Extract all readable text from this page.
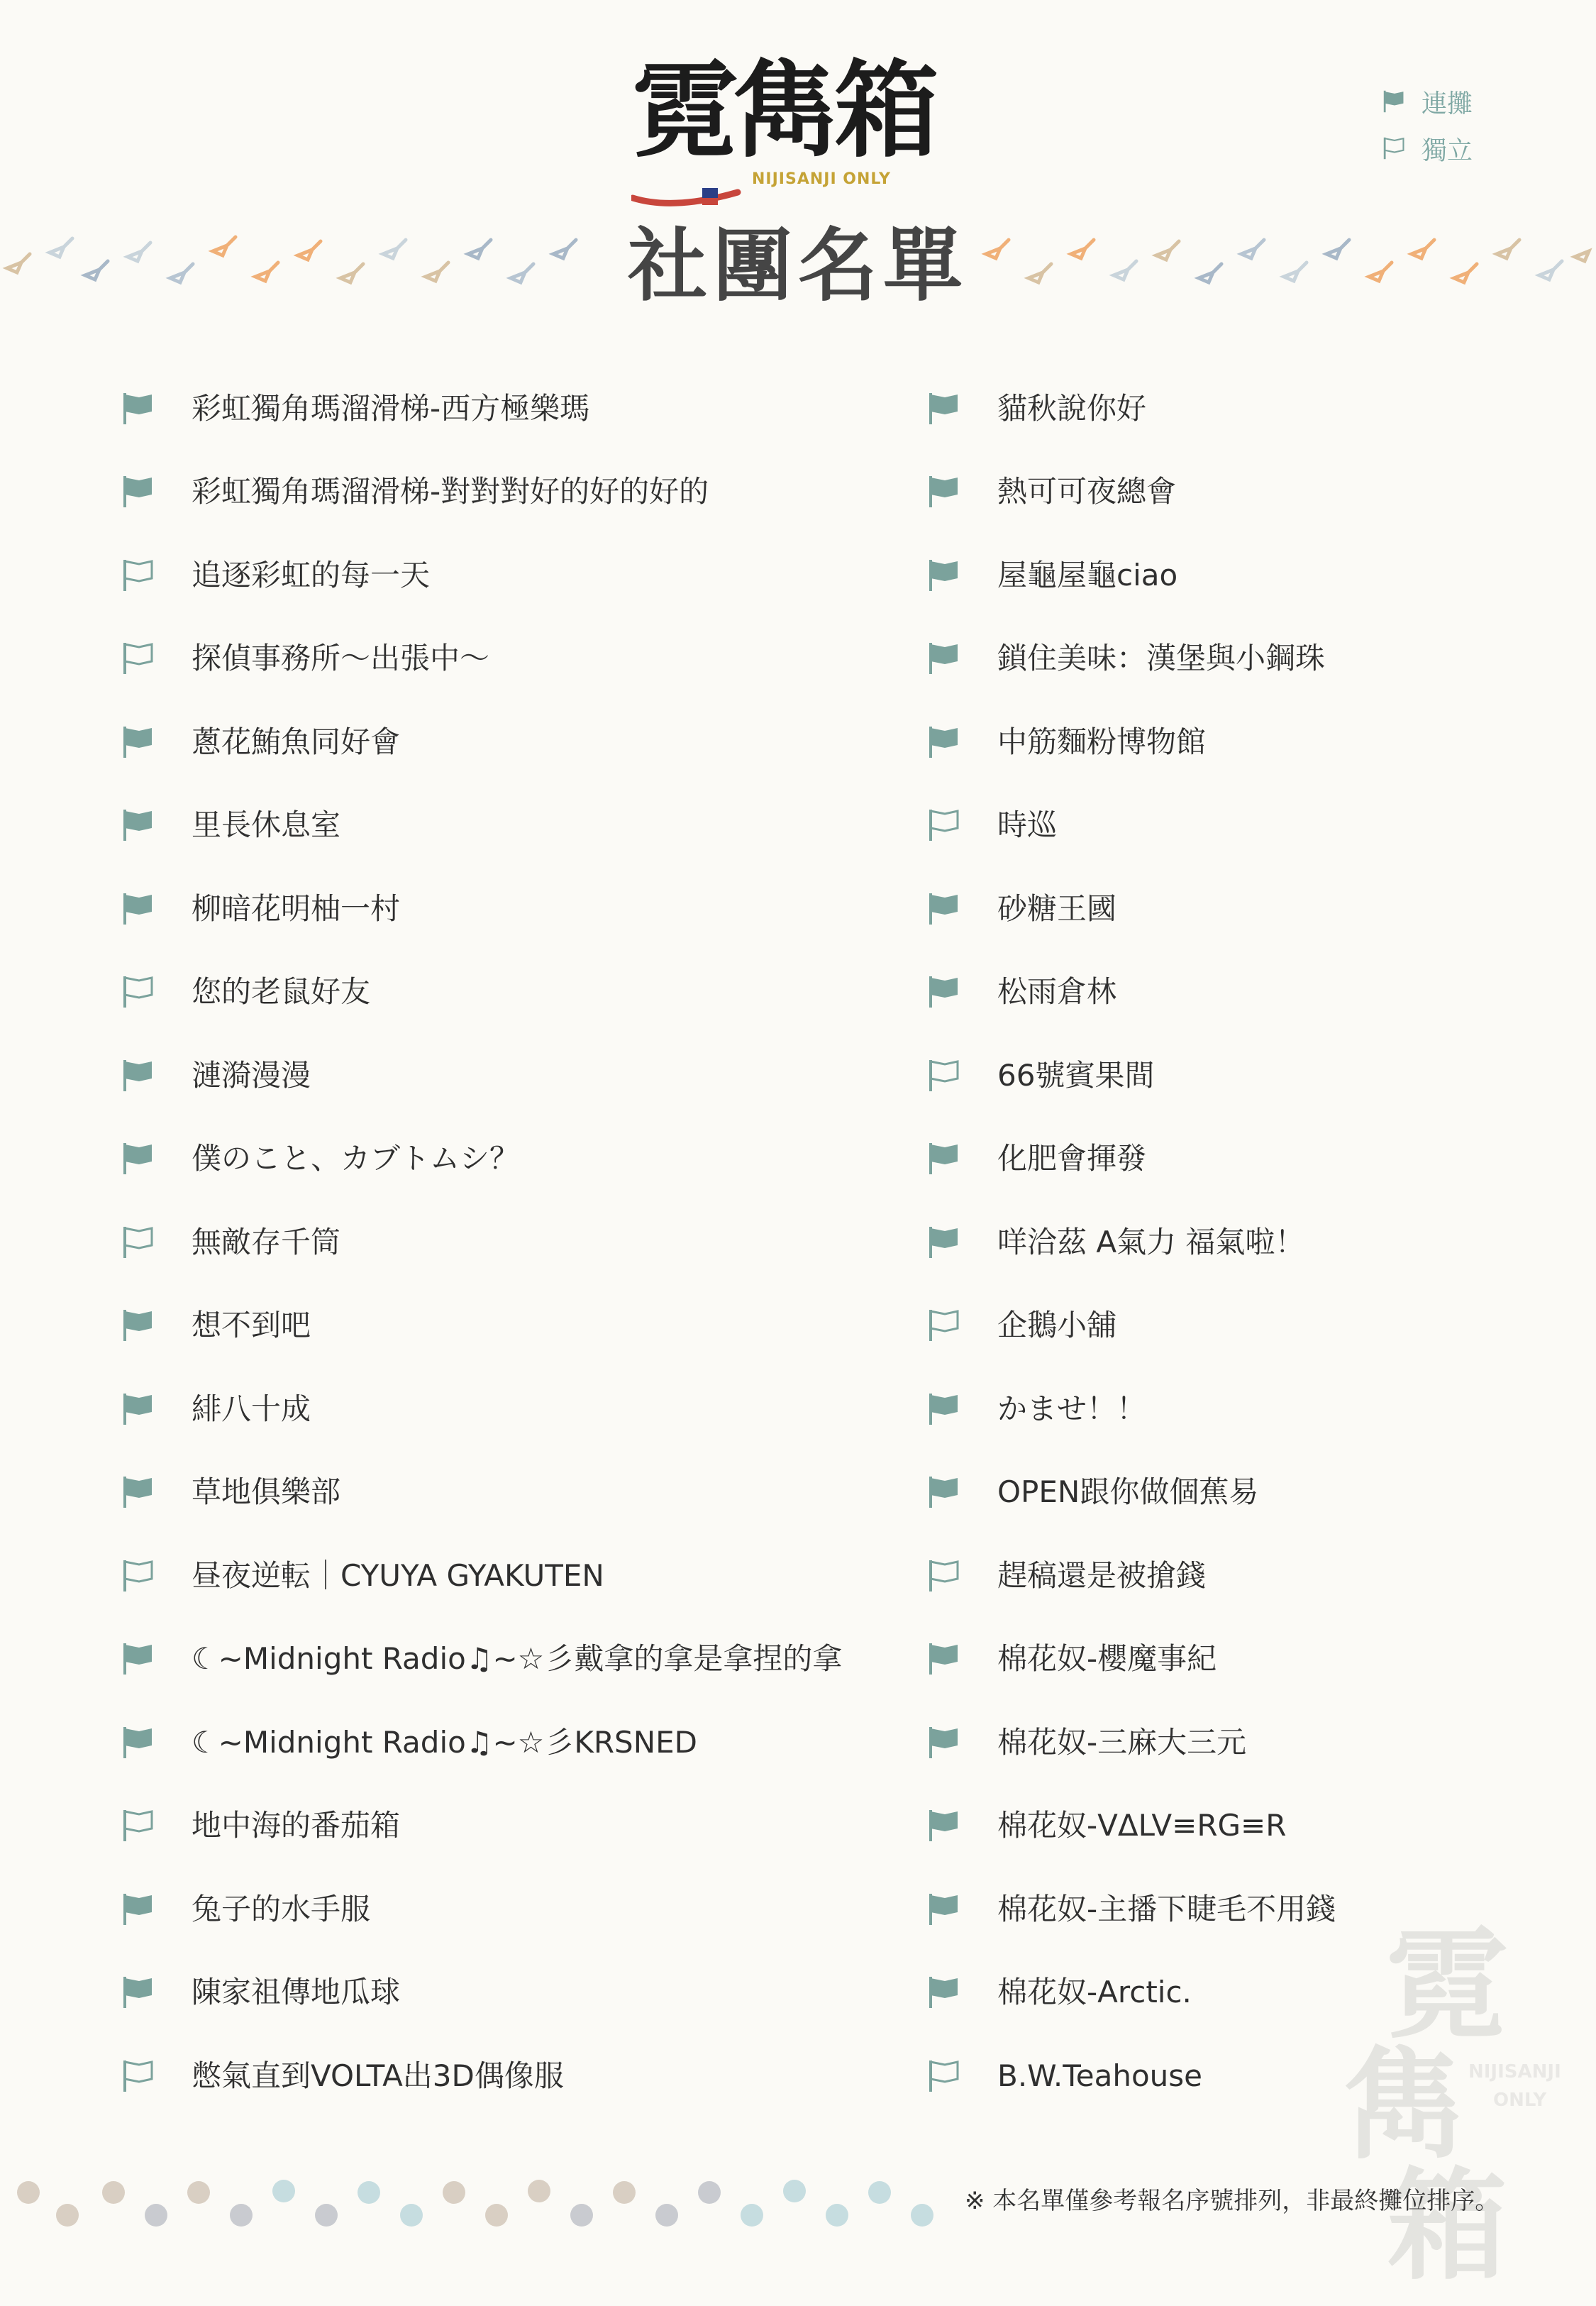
霓雋箱
NIJISANJI ONLY
連攤
獨立
社團名單
彩虹獨角瑪溜滑梯-西方極樂瑪
彩虹獨角瑪溜滑梯-對對對好的好的好的
追逐彩虹的每一天
探偵事務所～出張中～
蔥花鮪魚同好會
里長休息室
柳暗花明柚一村
您的老鼠好友
漣漪漫漫
僕のこと、カブトムシ？
無敵存千筒
想不到吧
緋八十成
草地俱樂部
昼夜逆転｜CYUYA GYAKUTEN
☾~Midnight Radio♫~☆彡戴拿的拿是拿捏的拿
☾~Midnight Radio♫~☆彡KRSNED
地中海的番茄箱
兔子的水手服
陳家祖傳地瓜球
憋氣直到VOLTA出3D偶像服
貓秋說你好
熱可可夜總會
屋龜屋龜ciao
鎖住美味：漢堡與小鋼珠
中筋麵粉博物館
時巡
砂糖王國
松雨倉林
66號賓果間
化肥會揮發
咩洽茲 A氣力 福氣啦！
企鵝小舖
かませ！！
OPEN跟你做個蕉易
趕稿還是被搶錢
棉花奴-櫻魔事紀
棉花奴-三麻大三元
棉花奴-VΔLV≡RG≡R
棉花奴-主播下睫毛不用錢
棉花奴-Arctic.
B.W.Teahouse
霓
雋 NIJISANJI
ONLY
箱
※ 本名單僅參考報名序號排列，非最終攤位排序。
